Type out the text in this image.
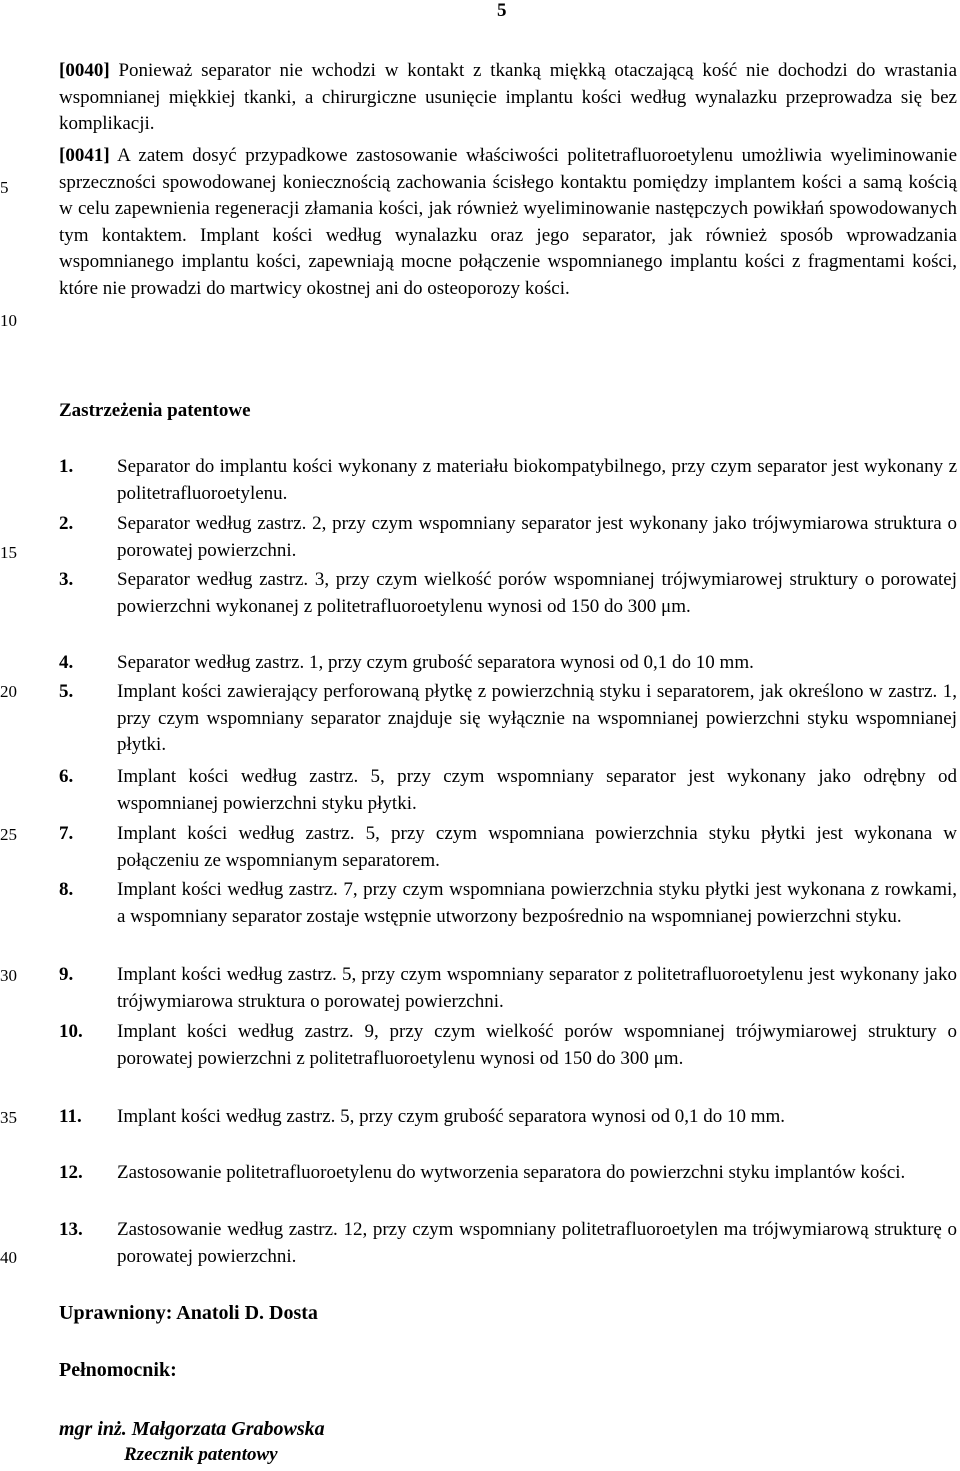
5
5
10
15
20
25
30
35
40

[0040] Ponieważ separator nie wchodzi w kontakt z tkanką miękką otaczającą kość nie dochodzi do wrastania wspomnianej miękkiej tkanki, a chirurgiczne usunięcie implantu kości według wynalazku przeprowadza się bez komplikacji.

[0041] A zatem dosyć przypadkowe zastosowanie właściwości politetrafluoroetylenu umożliwia wyeliminowanie sprzeczności spowodowanej koniecznością zachowania ścisłego kontaktu pomiędzy implantem kości a samą kością w celu zapewnienia regeneracji złamania kości, jak również wyeliminowanie następczych powikłań spowodowanych tym kontaktem. Implant kości według wynalazku oraz jego separator, jak również sposób wprowadzania wspomnianego implantu kości, zapewniają mocne połączenie wspomnianego implantu kości z fragmentami kości, które nie prowadzi do martwicy okostnej ani do osteoporozy kości.

Zastrzeżenia patentowe
1.	Separator do implantu kości wykonany z materiału biokompatybilnego, przy czym separator jest wykonany z politetrafluoroetylenu.
2.	Separator według zastrz. 2, przy czym wspomniany separator jest wykonany jako trójwymiarowa struktura o porowatej powierzchni.
3.	Separator według zastrz. 3, przy czym wielkość porów wspomnianej trójwymiarowej struktury o porowatej powierzchni wykonanej z politetrafluoroetylenu wynosi od 150 do 300 μm.
4.	Separator według zastrz. 1, przy czym grubość separatora wynosi od 0,1 do 10 mm.
5.	Implant kości zawierający perforowaną płytkę z powierzchnią styku i separatorem, jak określono w zastrz. 1, przy czym wspomniany separator znajduje się wyłącznie na wspomnianej powierzchni styku wspomnianej płytki.
6.	Implant kości według zastrz. 5, przy czym wspomniany separator jest wykonany jako odrębny od wspomnianej powierzchni styku płytki.
7.	Implant kości według zastrz. 5, przy czym wspomniana powierzchnia styku płytki jest wykonana w połączeniu ze wspomnianym separatorem.
8.	Implant kości według zastrz. 7, przy czym wspomniana powierzchnia styku płytki jest wykonana z rowkami, a wspomniany separator zostaje wstępnie utworzony bezpośrednio na wspomnianej powierzchni styku.
9.	Implant kości według zastrz. 5, przy czym wspomniany separator z politetrafluoroetylenu jest wykonany jako trójwymiarowa struktura o porowatej powierzchni.
10.	Implant kości według zastrz. 9, przy czym wielkość porów wspomnianej trójwymiarowej struktury o porowatej powierzchni z politetrafluoroetylenu wynosi od 150 do 300 μm.
11.	Implant kości według zastrz. 5, przy czym grubość separatora wynosi od 0,1 do 10 mm.
12.	Zastosowanie politetrafluoroetylenu do wytworzenia separatora do powierzchni styku implantów kości.
13.	Zastosowanie według zastrz. 12, przy czym wspomniany politetrafluoroetylen ma trójwymiarową strukturę o porowatej powierzchni.
Uprawniony: Anatoli D. Dosta
Pełnomocnik:
mgr inż. Małgorzata Grabowska
Rzecznik patentowy
